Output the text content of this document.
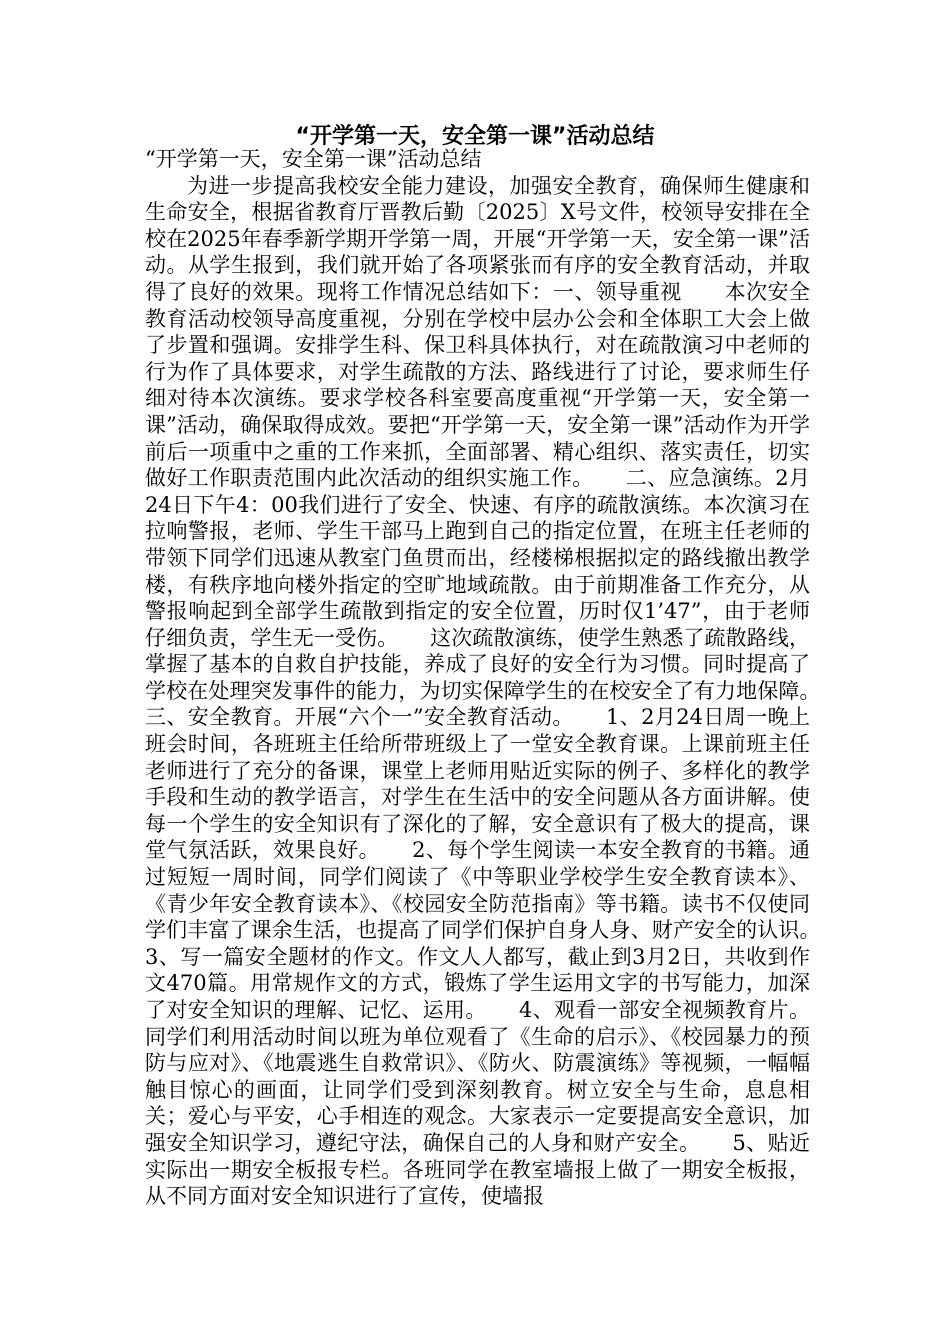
“开学第一天，安全第一课”活动总结

“开学第一天，安全第一课”活动总结

为进一步提高我校安全能力建设，加强安全教育，确保师生健康和生命安全，根据省教育厅晋教后勤〔2025〕X号文件，校领导安排在全校在2025年春季新学期开学第一周，开展“开学第一天，安全第一课”活动。从学生报到，我们就开始了各项紧张而有序的安全教育活动，并取得了良好的效果。现将工作情况总结如下：一、领导重视　　本次安全教育活动校领导高度重视，分别在学校中层办公会和全体职工大会上做了步置和强调。安排学生科、保卫科具体执行，对在疏散演习中老师的行为作了具体要求，对学生疏散的方法、路线进行了讨论，要求师生仔细对待本次演练。要求学校各科室要高度重视“开学第一天，安全第一课”活动，确保取得成效。要把“开学第一天，安全第一课”活动作为开学前后一项重中之重的工作来抓，全面部署、精心组织、落实责任，切实做好工作职责范围内此次活动的组织实施工作。　　二、应急演练。2月24日下午4：00我们进行了安全、快速、有序的疏散演练。本次演习在拉响警报，老师、学生干部马上跑到自己的指定位置，在班主任老师的带领下同学们迅速从教室门鱼贯而出，经楼梯根据拟定的路线撤出教学楼，有秩序地向楼外指定的空旷地域疏散。由于前期准备工作充分，从警报响起到全部学生疏散到指定的安全位置，历时仅1’47”，由于老师仔细负责，学生无一受伤。　　这次疏散演练，使学生熟悉了疏散路线，掌握了基本的自救自护技能，养成了良好的安全行为习惯。同时提高了学校在处理突发事件的能力，为切实保障学生的在校安全了有力地保障。　　三、安全教育。开展“六个一”安全教育活动。　　1、2月24日周一晚上班会时间，各班班主任给所带班级上了一堂安全教育课。上课前班主任老师进行了充分的备课，课堂上老师用贴近实际的例子、多样化的教学手段和生动的教学语言，对学生在生活中的安全问题从各方面讲解。使每一个学生的安全知识有了深化的了解，安全意识有了极大的提高，课堂气氛活跃，效果良好。　　2、每个学生阅读一本安全教育的书籍。通过短短一周时间，同学们阅读了《中等职业学校学生安全教育读本》、《青少年安全教育读本》、《校园安全防范指南》等书籍。读书不仅使同学们丰富了课余生活，也提高了同学们保护自身人身、财产安全的认识。　　3、写一篇安全题材的作文。作文人人都写，截止到3月2日，共收到作文470篇。用常规作文的方式，锻炼了学生运用文字的书写能力，加深了对安全知识的理解、记忆、运用。　　4、观看一部安全视频教育片。同学们利用活动时间以班为单位观看了《生命的启示》、《校园暴力的预防与应对》、《地震逃生自救常识》、《防火、防震演练》等视频，一幅幅触目惊心的画面，让同学们受到深刻教育。树立安全与生命，息息相关；爱心与平安，心手相连的观念。大家表示一定要提高安全意识，加强安全知识学习，遵纪守法，确保自己的人身和财产安全。　　5、贴近实际出一期安全板报专栏。各班同学在教室墙报上做了一期安全板报，从不同方面对安全知识进行了宣传，使墙报
